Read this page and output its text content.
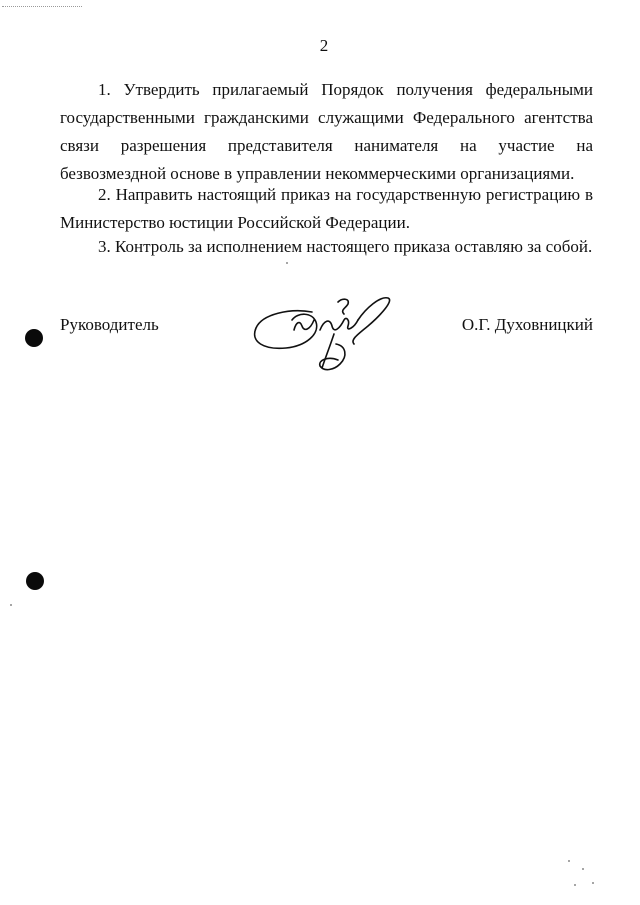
2
1. Утвердить прилагаемый Порядок получения федеральными государственными гражданскими служащими Федерального агентства связи разрешения представителя нанимателя на участие на безвозмездной основе в управлении некоммерческими организациями.
2. Направить настоящий приказ на государственную регистрацию в Министерство юстиции Российской Федерации.
3. Контроль за исполнением настоящего приказа оставляю за собой.
Руководитель	О.Г. Духовницкий
